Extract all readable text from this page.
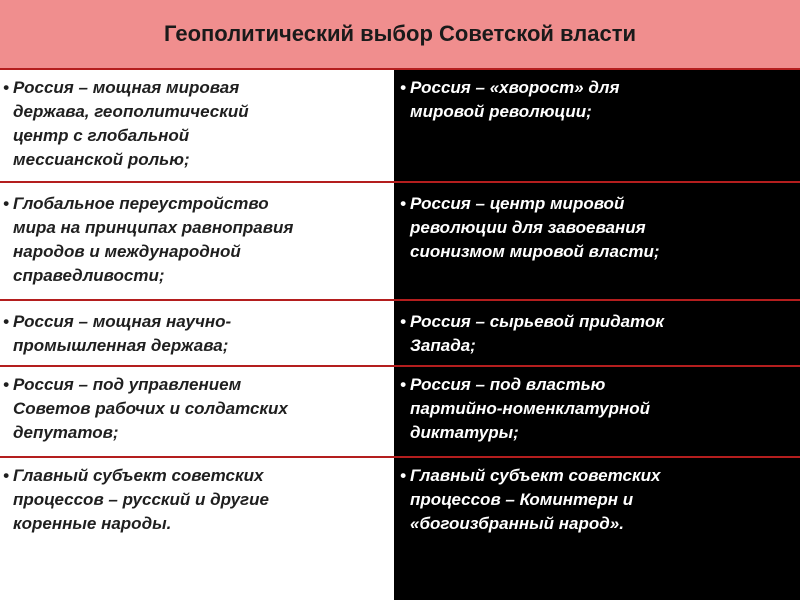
Геополитический выбор Советской власти
• Россия – мощная мировая
держава, геополитический
центр с глобальной
мессианской ролью;
• Россия – «хворост» для
мировой революции;
• Глобальное переустройство
мира на принципах равноправия
народов и международной
справедливости;
• Россия – центр мировой
революции для завоевания
сионизмом мировой власти;
• Россия – мощная научно-
промышленная держава;
• Россия – сырьевой придаток
Запада;
• Россия – под управлением
Советов рабочих и солдатских
депутатов;
• Россия – под властью
партийно-номенклатурной
диктатуры;
• Главный субъект советских
процессов – русский и другие
коренные народы.
• Главный субъект советских
процессов – Коминтерн и
«богоизбранный народ».
